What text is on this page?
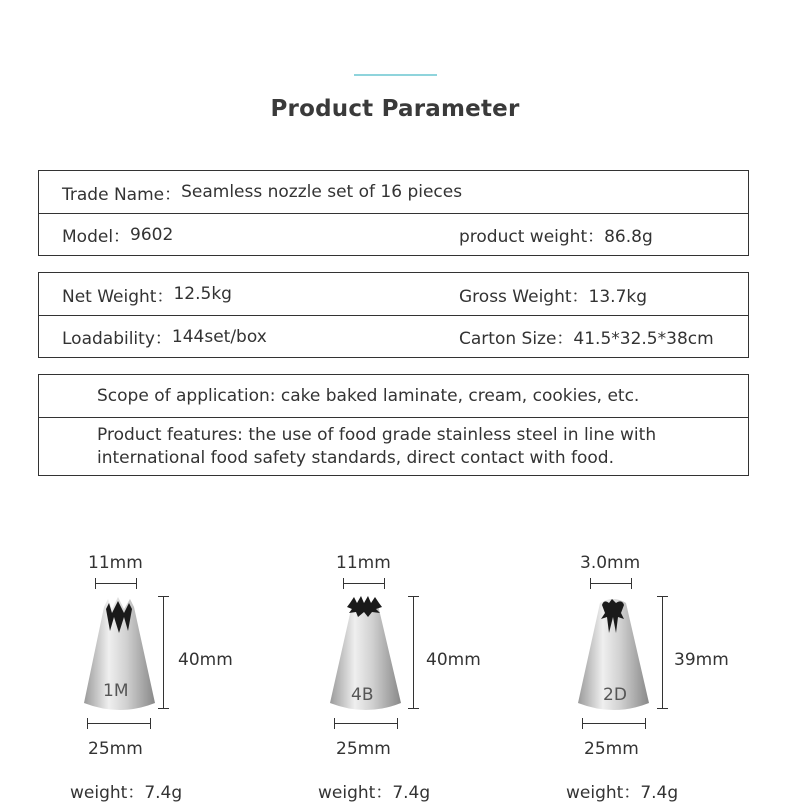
Product Parameter
Trade Name： Seamless nozzle set of 16 pieces
Model： 9602	product weight：86.8g
Net Weight： 12.5kg	Gross Weight：13.7kg
Loadability： 144set/box	Carton Size：41.5*32.5*38cm
Scope of application: cake baked laminate, cream, cookies, etc.
Product features: the use of food grade stainless steel in line with international food safety standards, direct contact with food.
11mm
1M
40mm
25mm
weight：7.4g
11mm
4B
40mm
25mm
weight：7.4g
3.0mm
2D
39mm
25mm
weight：7.4g
